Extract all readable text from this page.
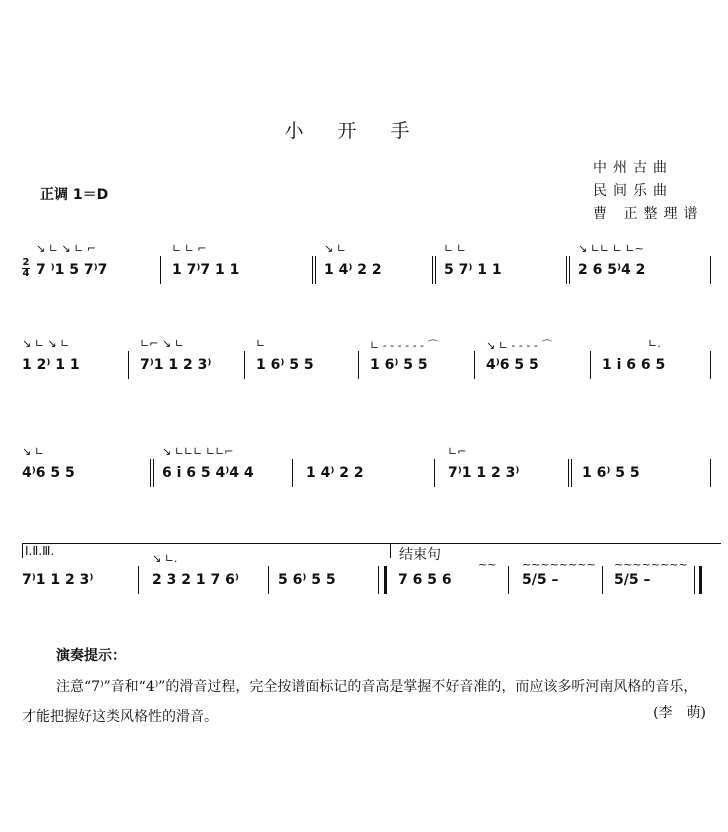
小开手
中州古曲
民间乐曲
曹 正整理谱
正调 1＝D
2
4
↘ ∟ ↘ ∟ ⌐
7 ⁾1 5 7⁾7
∟ ∟ ⌐
1 7⁾7 1 1
↘ ∟
1 4⁾ 2 2
∟ ∟
5 7⁾ 1 1
↘ ∟∟ ∟ ∟~
2 6 5⁾4 2
↘ ∟ ↘ ∟
1 2⁾ 1 1
∟⌐ ↘ ∟
7⁾1 1 2 3⁾
∟
1 6⁾ 5 5
∟ - - - - - - ⌒
1 6⁾ 5 5
↘ ∟ - - - - ⌒
4⁾6 5 5
∟.
1 i 6 6 5
↘ ∟
4⁾6 5 5
↘ ∟∟∟ ∟∟⌐
6 i 6 5 4⁾4 4	1 4⁾ 2 2
∟⌐
7⁾1 1 2 3⁾	1 6⁾ 5 5
Ⅰ.Ⅱ.Ⅲ.	结束句
7⁾1 1 2 3⁾
↘ ∟.
2 3 2 1 7 6⁾	5 6⁾ 5 5	7 6 5 6
~~ ~~~~~~~~
5/5 –
~~~~~~~~
5/5 –
演奏提示：
注意“7⁾”音和“4⁾”的滑音过程，完全按谱面标记的音高是掌握不好音准的，而应该多听河南风格的音乐，才能把握好这类风格性的滑音。	(李　萌)
